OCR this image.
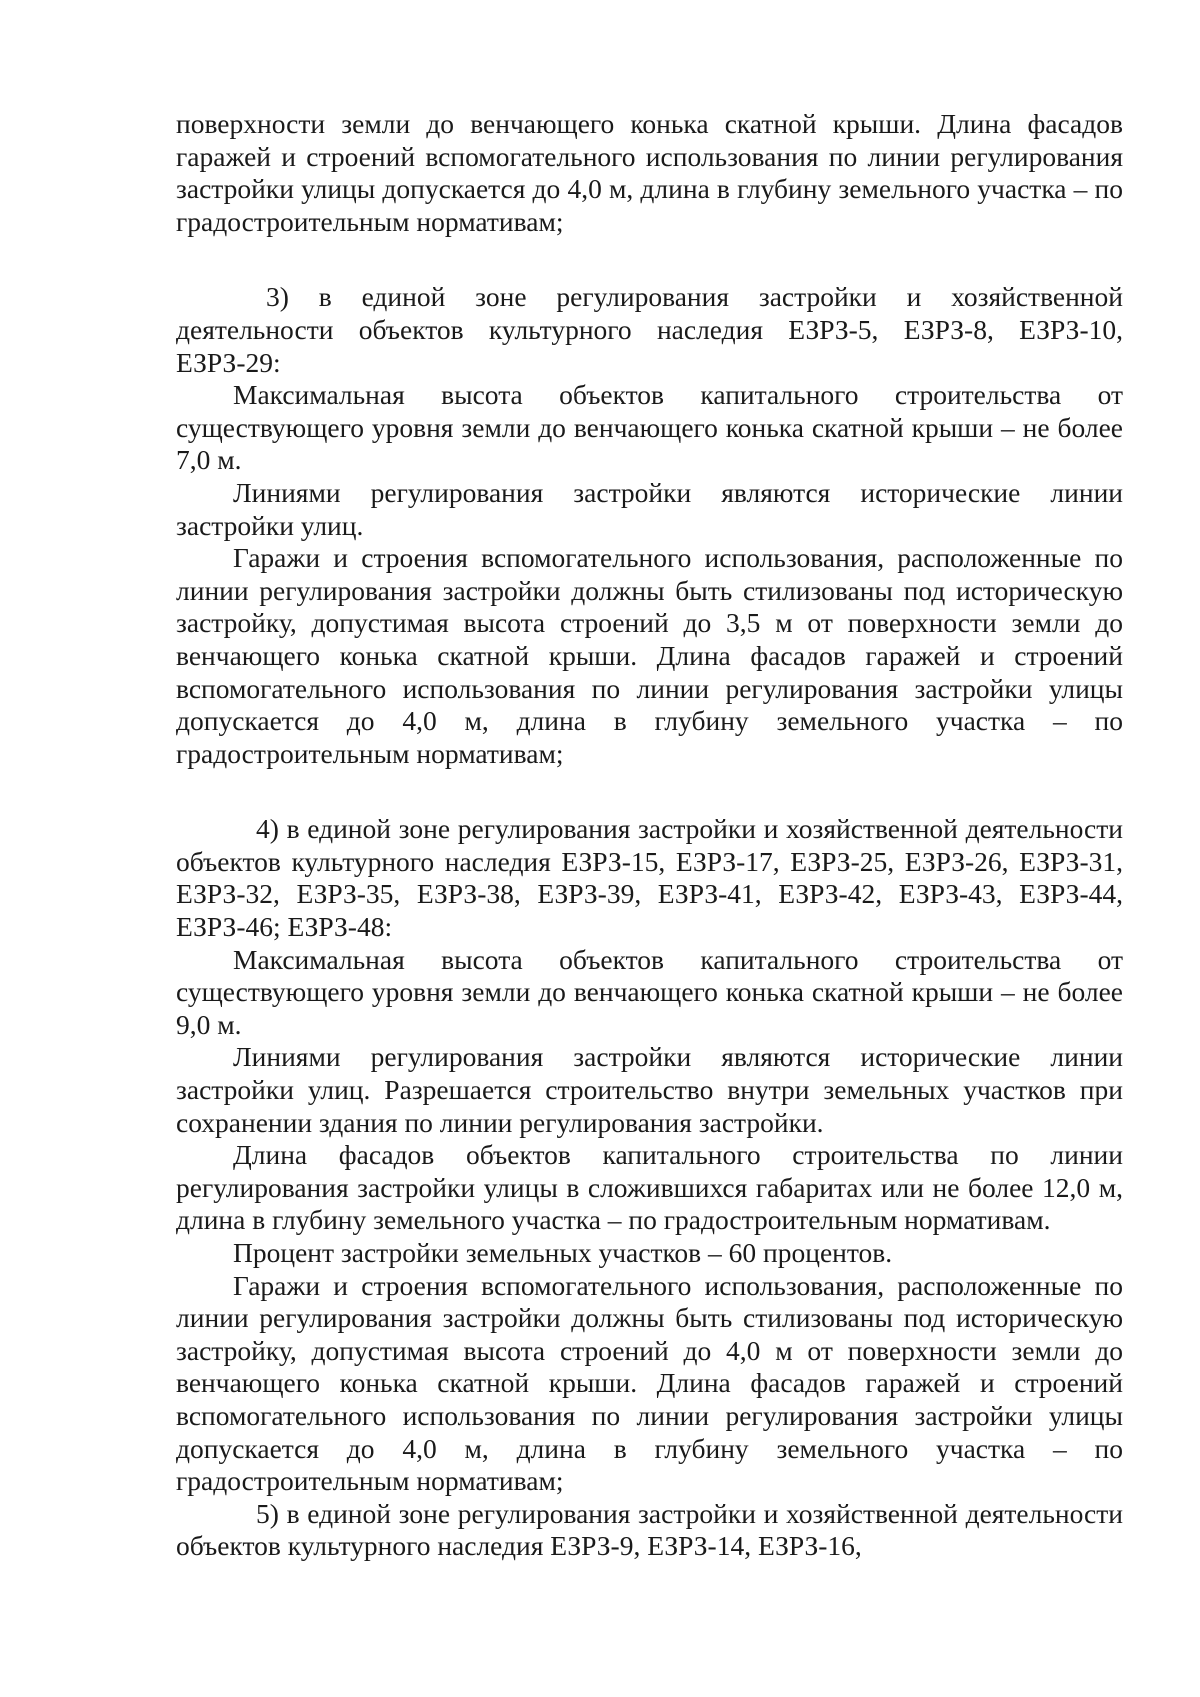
поверхности земли до венчающего конька скатной крыши. Длина фасадов гаражей и строений вспомогательного использования по линии регулирования застройки улицы допускается до 4,0 м, длина в глубину земельного участка – по градостроительным нормативам;

3) в единой зоне регулирования застройки и хозяйственной деятельности объектов культурного наследия ЕЗРЗ-5, ЕЗРЗ-8, ЕЗРЗ-10, ЕЗРЗ-29:

Максимальная высота объектов капитального строительства от существующего уровня земли до венчающего конька скатной крыши – не более 7,0 м.

Линиями регулирования застройки являются исторические линии застройки улиц.

Гаражи и строения вспомогательного использования, расположенные по линии регулирования застройки должны быть стилизованы под историческую застройку, допустимая высота строений до 3,5 м от поверхности земли до венчающего конька скатной крыши. Длина фасадов гаражей и строений вспомогательного использования по линии регулирования застройки улицы допускается до 4,0 м, длина в глубину земельного участка – по градостроительным нормативам;

4) в единой зоне регулирования застройки и хозяйственной деятельности объектов культурного наследия ЕЗРЗ-15, ЕЗРЗ-17, ЕЗРЗ-25, ЕЗРЗ-26, ЕЗРЗ-31, ЕЗРЗ-32, ЕЗРЗ-35, ЕЗРЗ-38, ЕЗРЗ-39, ЕЗРЗ-41, ЕЗРЗ-42, ЕЗРЗ-43, ЕЗРЗ-44, ЕЗРЗ-46; ЕЗРЗ-48:

Максимальная высота объектов капитального строительства от существующего уровня земли до венчающего конька скатной крыши – не более 9,0 м.

Линиями регулирования застройки являются исторические линии застройки улиц. Разрешается строительство внутри земельных участков при сохранении здания по линии регулирования застройки.

Длина фасадов объектов капитального строительства по линии регулирования застройки улицы в сложившихся габаритах или не более 12,0 м, длина в глубину земельного участка – по градостроительным нормативам.

Процент застройки земельных участков – 60 процентов.

Гаражи и строения вспомогательного использования, расположенные по линии регулирования застройки должны быть стилизованы под историческую застройку, допустимая высота строений до 4,0 м от поверхности земли до венчающего конька скатной крыши. Длина фасадов гаражей и строений вспомогательного использования по линии регулирования застройки улицы допускается до 4,0 м, длина в глубину земельного участка – по градостроительным нормативам;

5) в единой зоне регулирования застройки и хозяйственной деятельности объектов культурного наследия ЕЗРЗ-9, ЕЗРЗ-14, ЕЗРЗ-16,
